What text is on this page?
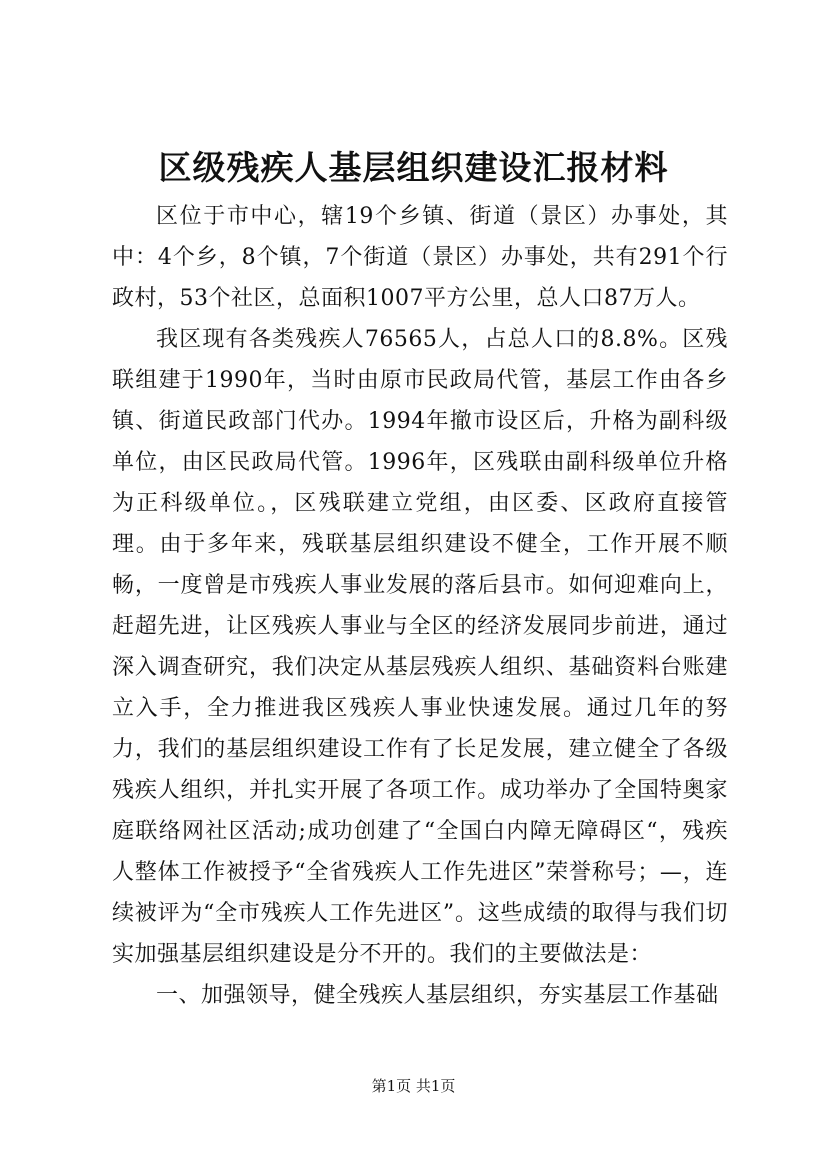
区级残疾人基层组织建设汇报材料

区位于市中心，辖19个乡镇、街道（景区）办事处，其中：4个乡，8个镇，7个街道（景区）办事处，共有291个行政村，53个社区，总面积1007平方公里，总人口87万人。

我区现有各类残疾人76565人，占总人口的8.8%。区残联组建于1990年，当时由原市民政局代管，基层工作由各乡镇、街道民政部门代办。1994年撤市设区后，升格为副科级单位，由区民政局代管。1996年，区残联由副科级单位升格为正科级单位。，区残联建立党组，由区委、区政府直接管理。由于多年来，残联基层组织建设不健全，工作开展不顺畅，一度曾是市残疾人事业发展的落后县市。如何迎难向上，赶超先进，让区残疾人事业与全区的经济发展同步前进，通过深入调查研究，我们决定从基层残疾人组织、基础资料台账建立入手，全力推进我区残疾人事业快速发展。通过几年的努力，我们的基层组织建设工作有了长足发展，建立健全了各级残疾人组织，并扎实开展了各项工作。成功举办了全国特奥家庭联络网社区活动;成功创建了“全国白内障无障碍区“，残疾人整体工作被授予“全省残疾人工作先进区”荣誉称号；—，连续被评为“全市残疾人工作先进区”。这些成绩的取得与我们切实加强基层组织建设是分不开的。我们的主要做法是：

一、加强领导，健全残疾人基层组织，夯实基层工作基础

第1页 共1页
